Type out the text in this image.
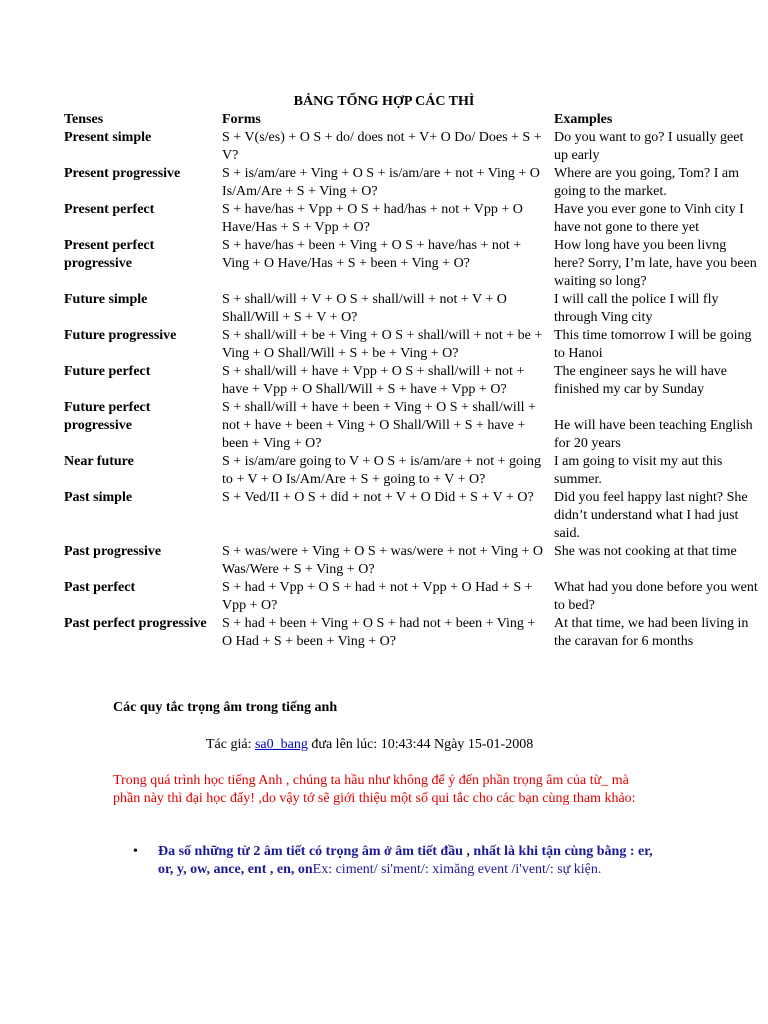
BẢNG TỔNG HỢP CÁC THÌ
Tenses	Forms	Examples
Present simple	S + V(s/es) + O S + do/ does not + V+ O Do/ Does + S + V?	Do you want to go? I usually geet up early
Present progressive	S + is/am/are + Ving + O S + is/am/are + not + Ving + O Is/Am/Are + S + Ving + O?	Where are you going, Tom? I am going to the market.
Present perfect	S + have/has + Vpp + O S + had/has + not + Vpp + O Have/Has + S + Vpp + O?	Have you ever gone to Vinh city I have not gone to there yet
Present perfect progressive	S + have/has + been + Ving + O S + have/has + not + Ving + O Have/Has + S + been + Ving + O?	How long have you been livng here? Sorry, I’m late, have you been waiting so long?
Future simple	S + shall/will + V + O S + shall/will + not + V + O Shall/Will + S + V + O?	I will call the police I will fly through Ving city
Future progressive	S + shall/will + be + Ving + O S + shall/will + not + be + Ving + O Shall/Will + S + be + Ving + O?	This time tomorrow I will be going to Hanoi
Future perfect	S + shall/will + have + Vpp + O S + shall/will + not + have + Vpp + O Shall/Will + S + have + Vpp + O?	The engineer says he will have finished my car by Sunday
Future perfect progressive	S + shall/will + have + been + Ving + O S + shall/will + not + have + been + Ving + O Shall/Will + S + have + been + Ving + O?	He will have been teaching English for 20 years
Near future	S + is/am/are going to V + O S + is/am/are + not + going to + V + O Is/Am/Are + S + going to + V + O?	I am going to visit my aut this summer.
Past simple	S + Ved/II + O S + did + not + V + O Did + S + V + O?	Did you feel happy last night? She didn’t understand what I had just said.
Past progressive	S + was/were + Ving + O S + was/were + not + Ving + O Was/Were + S + Ving + O?	She was not cooking at that time
Past perfect	S + had + Vpp + O S + had + not + Vpp + O Had + S + Vpp + O?	What had you done before you went to bed?
Past perfect progressive	S + had + been + Ving + O S + had not + been + Ving + O Had + S + been + Ving + O?	At that time, we had been living in the caravan for 6 months
Các quy tắc trọng âm trong tiếng anh
Tác giả: sa0_bang đưa lên lúc: 10:43:44 Ngày 15-01-2008
Trong quá trình học tiếng Anh , chúng ta hầu như không để ý đến phần trọng âm của từ_ mà phần này thì đại học đấy! ,do vậy tớ sẽ giới thiệu một số qui tắc cho các bạn cùng tham khảo:
• Đa số những từ 2 âm tiết có trọng âm ở âm tiết đầu , nhất là khi tận cùng bằng : er, or, y, ow, ance, ent , en, onEx: ciment/ si'ment/: ximăng event /i'vent/: sự kiện.
